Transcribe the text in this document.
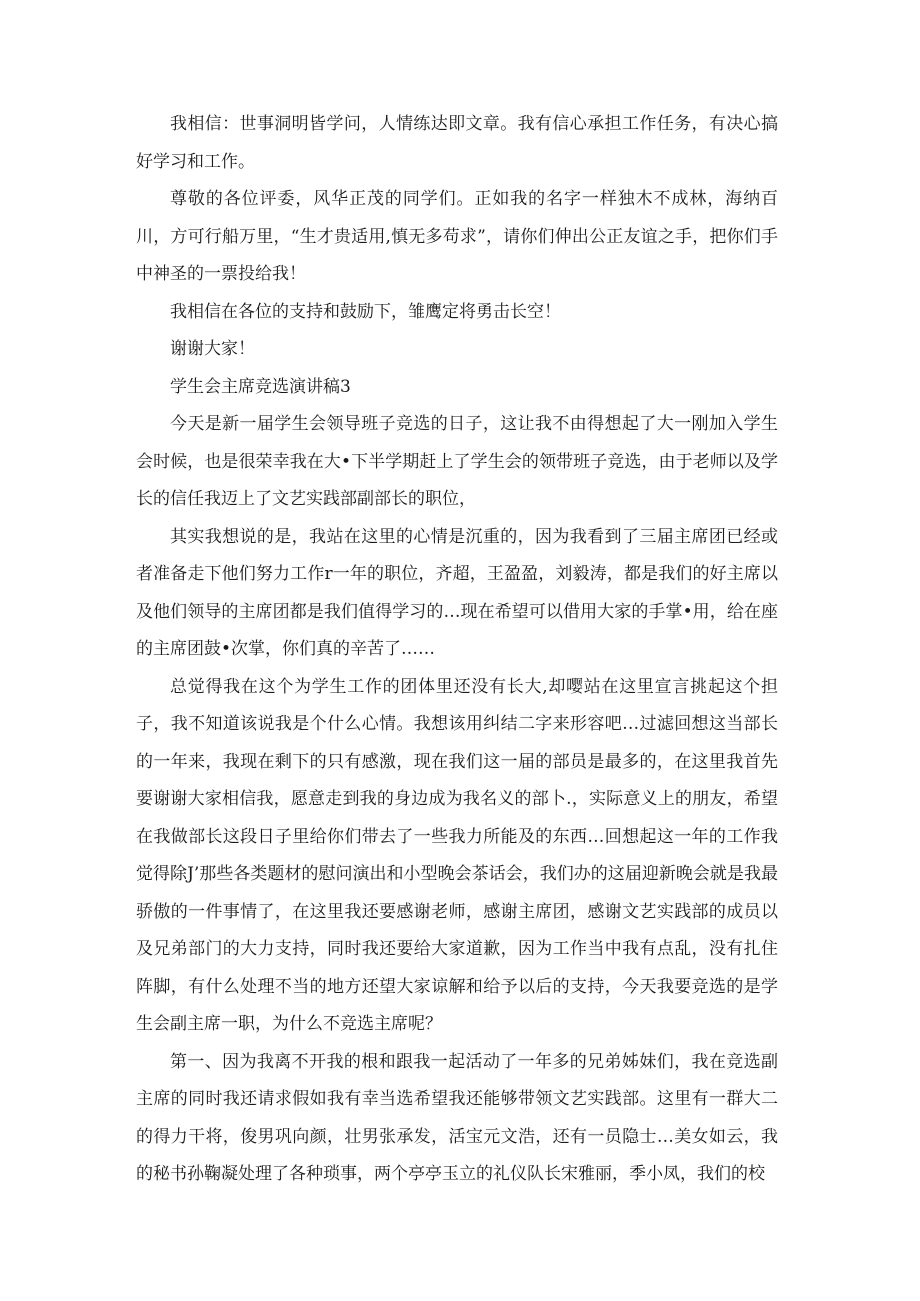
我相信：世事洞明皆学问，人情练达即文章。我有信心承担工作任务，有决心搞好学习和工作。

尊敬的各位评委，风华正茂的同学们。正如我的名字一样独木不成林，海纳百川，方可行船万里，“生才贵适用,慎无多苟求”，请你们伸出公正友谊之手，把你们手中神圣的一票投给我！

我相信在各位的支持和鼓励下，雏鹰定将勇击长空！

谢谢大家！

学生会主席竞选演讲稿3

今天是新一届学生会领导班子竞选的日子，这让我不由得想起了大一刚加入学生会时候，也是很荣幸我在大•下半学期赶上了学生会的领带班子竞选，由于老师以及学长的信任我迈上了文艺实践部副部长的职位，

其实我想说的是，我站在这里的心情是沉重的，因为我看到了三届主席团已经或者准备走下他们努力工作r一年的职位，齐超，王盈盈，刘毅涛，都是我们的好主席以及他们领导的主席团都是我们值得学习的…现在希望可以借用大家的手掌•用，给在座的主席团鼓•次掌，你们真的辛苦了……

总觉得我在这个为学生工作的团体里还没有长大,却嘤站在这里宣言挑起这个担子，我不知道该说我是个什么心情。我想该用纠结二字来形容吧…过滤回想这当部长的一年来，我现在剩下的只有感激，现在我们这一届的部员是最多的，在这里我首先要谢谢大家相信我，愿意走到我的身边成为我名义的部卜.，实际意义上的朋友，希望在我做部长这段日子里给你们带去了一些我力所能及的东西…回想起这一年的工作我觉得除J’那些各类题材的慰问演出和小型晚会茶话会，我们办的这届迎新晚会就是我最骄傲的一件事情了，在这里我还要感谢老师，感谢主席团，感谢文艺实践部的成员以及兄弟部门的大力支持，同时我还要给大家道歉，因为工作当中我有点乱，没有扎住阵脚，有什么处理不当的地方还望大家谅解和给予以后的支持，今天我要竞选的是学生会副主席一职，为什么不竞选主席呢？

第一、因为我离不开我的根和跟我一起活动了一年多的兄弟姊妹们，我在竞选副主席的同时我还请求假如我有幸当选希望我还能够带领文艺实践部。这里有一群大二的得力干将，俊男巩向颜，壮男张承发，活宝元文浩，还有一员隐士…美女如云，我的秘书孙鞠凝处理了各种琐事，两个亭亭玉立的礼仪队长宋雅丽，季小凤，我们的校
